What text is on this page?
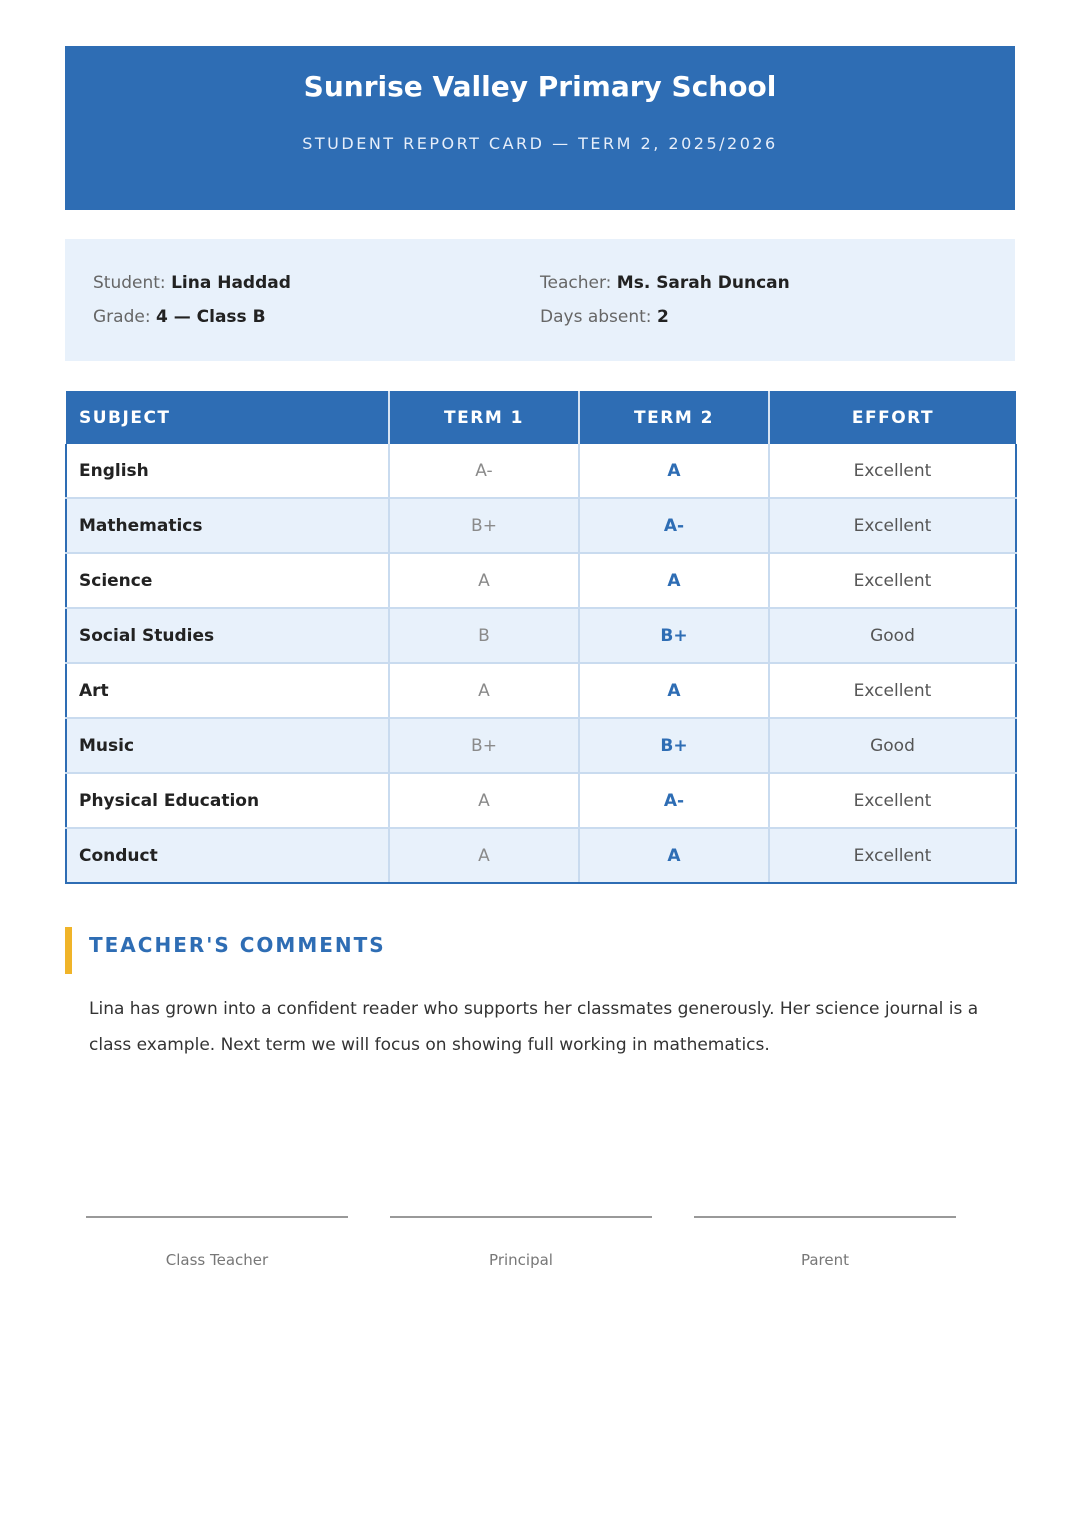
Sunrise Valley Primary School
STUDENT REPORT CARD — TERM 2, 2025/2026
Student: Lina Haddad
Grade: 4 — Class B
Teacher: Ms. Sarah Duncan
Days absent: 2
SUBJECT	TERM 1	TERM 2	EFFORT
English	A-	A	Excellent
Mathematics	B+	A-	Excellent
Science	A	A	Excellent
Social Studies	B	B+	Good
Art	A	A	Excellent
Music	B+	B+	Good
Physical Education	A	A-	Excellent
Conduct	A	A	Excellent
TEACHER'S COMMENTS
Lina has grown into a confident reader who supports her classmates generously. Her science journal is a class example. Next term we will focus on showing full working in mathematics.
Class Teacher	Principal	Parent
